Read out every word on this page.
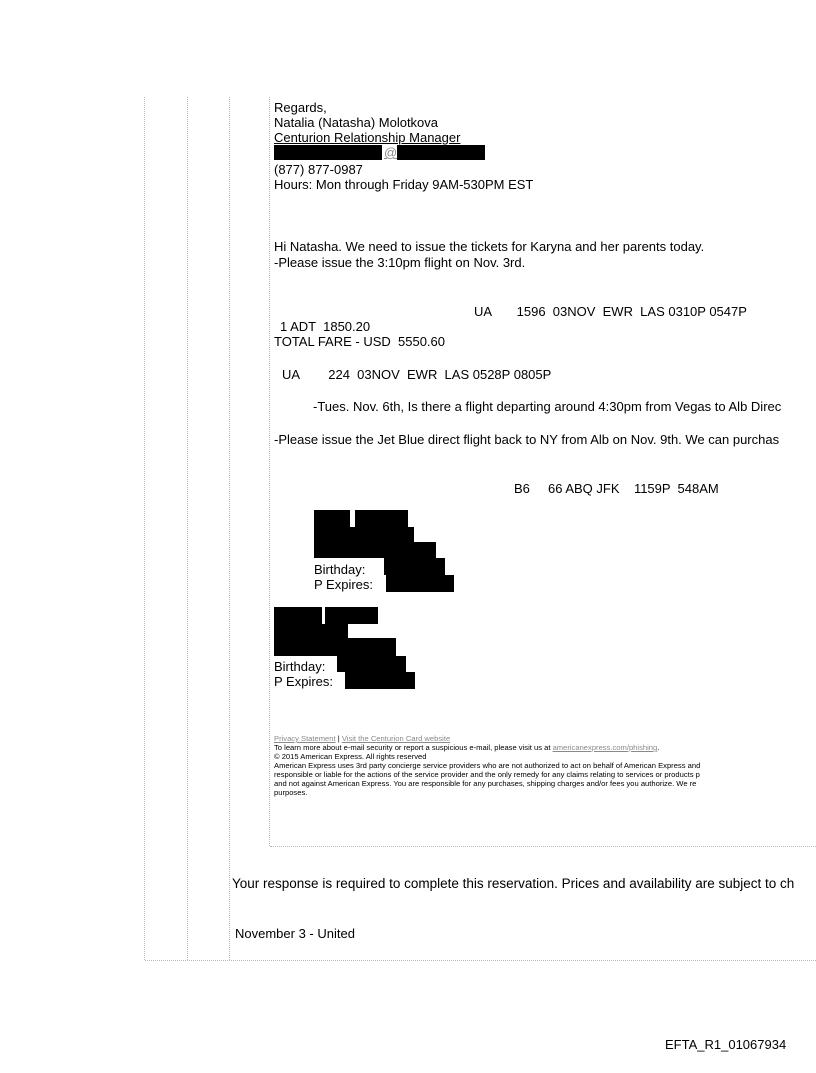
Regards,
Natalia (Natasha) Molotkova
Centurion Relationship Manager
@
(877) 877-0987
Hours: Mon through Friday 9AM-530PM EST
Hi Natasha. We need to issue the tickets for Karyna and her parents today.
-Please issue the 3:10pm flight on Nov. 3rd.
UA       1596  03NOV  EWR  LAS 0310P 0547P
1 ADT  1850.20
TOTAL FARE - USD  5550.60
UA        224  03NOV  EWR  LAS 0528P 0805P
-Tues. Nov. 6th, Is there a flight departing around 4:30pm from Vegas to Alb Direc
-Please issue the Jet Blue direct flight back to NY from Alb on Nov. 9th. We can purchas
B6     66 ABQ JFK    1159P  548AM
Birthday:
P Expires:
Birthday:
P Expires:
Privacy Statement | Visit the Centurion Card website
To learn more about e-mail security or report a suspicious e-mail, please visit us at americanexpress.com/phishing.
© 2015 American Express. All rights reserved
American Express uses 3rd party concierge service providers who are not authorized to act on behalf of American Express and
responsible or liable for the actions of the service provider and the only remedy for any claims relating to services or products p
and not against American Express. You are responsible for any purchases, shipping charges and/or fees you authorize. We re
purposes.
Your response is required to complete this reservation. Prices and availability are subject to ch
November 3 - United
EFTA_R1_01067934
